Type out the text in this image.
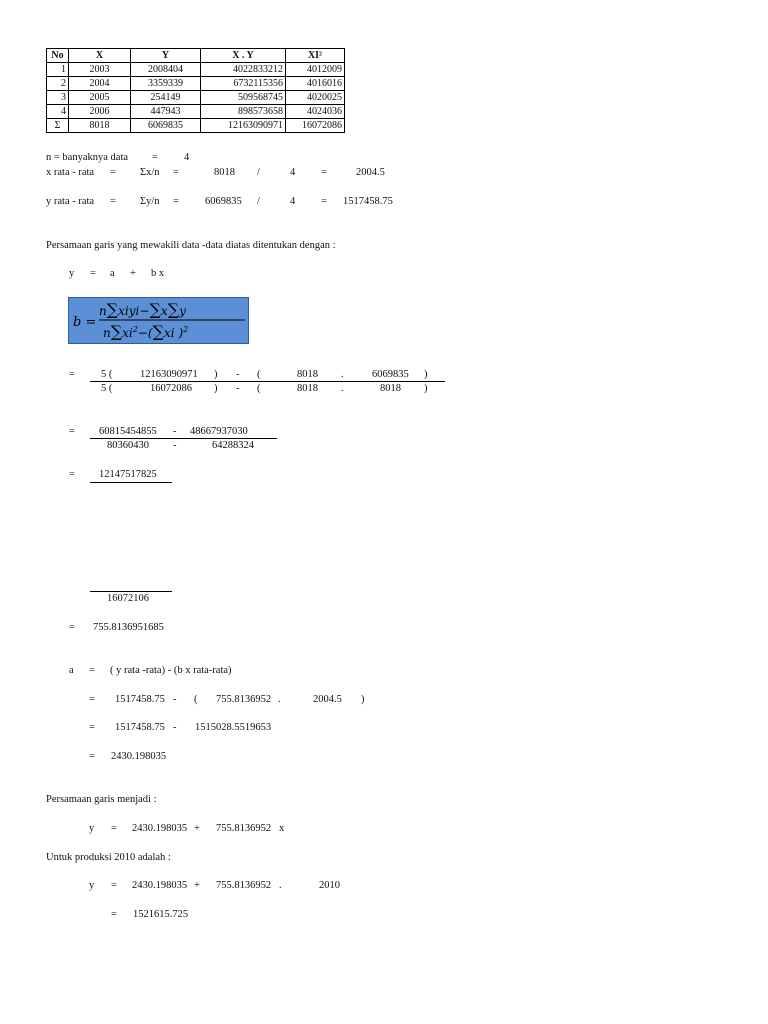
No	X	Y	X . Y	XI²
1	2003	2008404	4022833212	4012009
2	2004	3359339	6732115356	4016016
3	2005	254149	509568745	4020025
4	2006	447943	898573658	4024036
Σ	8018	6069835	12163090971	16072086
n = banyaknya data = 4
x rata - rata = Ʃx/n =	8018 /	4 =	2004.5
y rata - rata = Ʃy/n = 6069835 /	4 = 1517458.75
Persamaan garis yang mewakili data -data diatas ditentukan dengan :
y = a + b x
b =
n∑xiyi−∑x∑y
$n\sum xi^2-(\sum xi$ )$^2$
= 5 (	12163090971 ) - (	8018 .	6069835 )
5 (	16072086 ) - (	8018 .	8018 )
= 60815454855 - 48667937030
80360430 -	64288324
= 12147517825
16072106
= 755.8136951685
a = ( y rata -rata) - (b x rata-rata)
= 1517458.75 - ( 755.8136952 .	2004.5 )
= 1517458.75 - 1515028.5519653
= 2430.198035
Persamaan garis menjadi :
y = 2430.198035 + 755.8136952 x
Untuk produksi 2010 adalah :
y = 2430.198035 + 755.8136952 .	2010
= 1521615.725
